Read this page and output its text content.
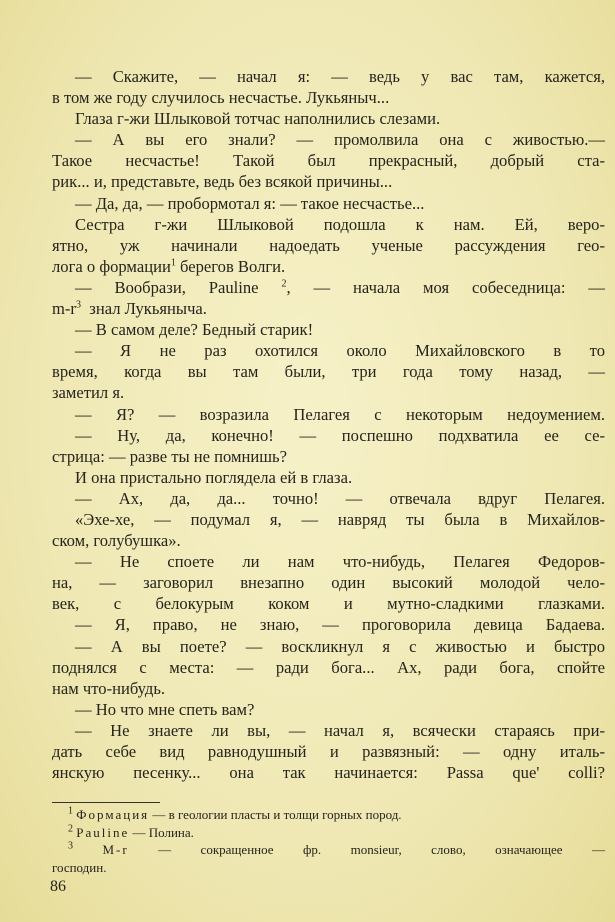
— Скажите, — начал я: — ведь у вас там, кажется,
в том же году случилось несчастье. Лукьяныч...
Глаза г-жи Шлыковой тотчас наполнились слезами.
— А вы его знали? — промолвила она с живостью.—
Такое несчастье! Такой был прекрасный, добрый ста-
рик... и, представьте, ведь без всякой причины...
— Да, да, — пробормотал я: — такое несчастье...
Сестра г-жи Шлыковой подошла к нам. Ей, веро-
ятно, уж начинали надоедать ученые рассуждения гео-
лога о формации$^1$ берегов Волги.
— Вообрази, Pauline $^2$, — начала моя собеседница: —
$m-r^3$ знал Лукьяныча.
— В самом деле? Бедный старик!
— Я не раз охотился около Михайловского в то
время, когда вы там были, три года тому назад, —
заметил я.
— Я? — возразила Пелагея с некоторым недоумением.
— Ну, да, конечно! — поспешно подхватила ее се-
стрица: — разве ты не помнишь?
И она пристально поглядела ей в глаза.
— Ах, да, да... точно! — отвечала вдруг Пелагея.
«Эхе-хе, — подумал я, — навряд ты была в Михайлов-
ском, голубушка».
— Не споете ли нам что-нибудь, Пелагея Федоров-
на, — заговорил внезапно один высокий молодой чело-
век, с белокурым коком и мутно-сладкими глазками.
— Я, право, не знаю, — проговорила девица Бадаева.
— А вы поете? — воскликнул я с живостью и быстро
поднялся с места: — ради бога... Ах, ради бога, спойте
нам что-нибудь.
— Но что мне спеть вам?
— Не знаете ли вы, — начал я, всячески стараясь при-
дать себе вид равнодушный и развязный: — одну италь-
янскую песенку... она так начинается: Passa que' colli?
$^1$ Формация — в геологии пласты и толщи горных пород.
$^2$ Pauline — Полина.
$^3$ M-r — сокращенное фр. monsieur, слово, означающее —
господин.
86
